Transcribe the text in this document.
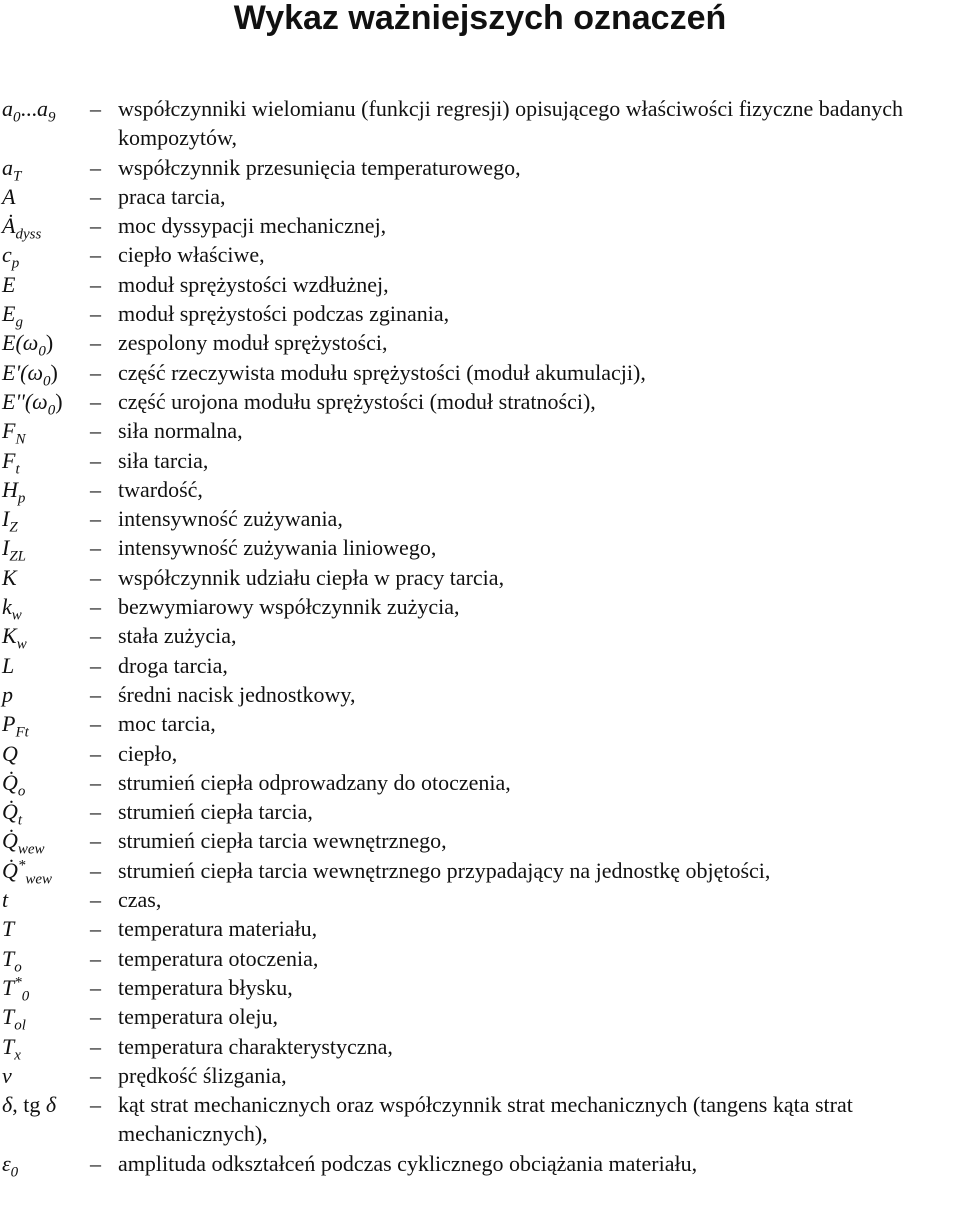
Wykaz ważniejszych oznaczeń
$a_0...a_9$	– współczynniki wielomianu (funkcji regresji) opisującego właściwości fizyczne badanych kompozytów,
$a_T$	– współczynnik przesunięcia temperaturowego,
A	– praca tarcia,
$Ȧ_{dyss}$	– moc dyssypacji mechanicznej,
$c_p$	– ciepło właściwe,
E	– moduł sprężystości wzdłużnej,
$E_g$	– moduł sprężystości podczas zginania,
$E(\omega_0)$	– zespolony moduł sprężystości,
$E'(\omega_0)$	– część rzeczywista modułu sprężystości (moduł akumulacji),
$E''(\omega_0)$	– część urojona modułu sprężystości (moduł stratności),
$F_N$	– siła normalna,
$F_t$	– siła tarcia,
$H_p$	– twardość,
$I_Z$	– intensywność zużywania,
$I_{ZL}$	– intensywność zużywania liniowego,
K	– współczynnik udziału ciepła w pracy tarcia,
$k_w$	– bezwymiarowy współczynnik zużycia,
$K_w$	– stała zużycia,
L	– droga tarcia,
p	– średni nacisk jednostkowy,
$P_{Ft}$	– moc tarcia,
Q	– ciepło,
$Q̇_o$	– strumień ciepła odprowadzany do otoczenia,
$Q̇_t$	– strumień ciepła tarcia,
$Q̇_{wew}$	– strumień ciepła tarcia wewnętrznego,
$Q̇^*_{wew}$	– strumień ciepła tarcia wewnętrznego przypadający na jednostkę objętości,
t	– czas,
T	– temperatura materiału,
$T_o$	– temperatura otoczenia,
$T^*_0$	– temperatura błysku,
$T_{ol}$	– temperatura oleju,
$T_x$	– temperatura charakterystyczna,
v	– prędkość ślizgania,
δ, tg δ	– kąt strat mechanicznych oraz współczynnik strat mechanicznych (tangens kąta strat mechanicznych),
$\varepsilon_0$	– amplituda odkształceń podczas cyklicznego obciążania materiału,
